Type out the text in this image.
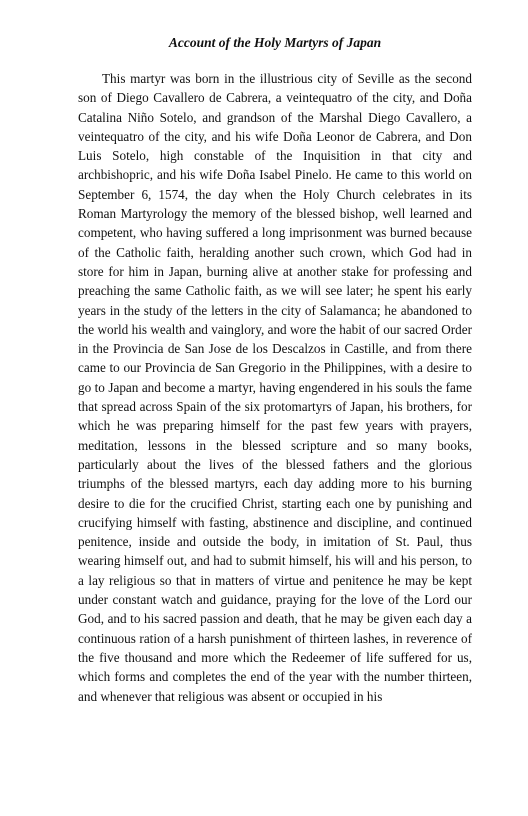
Account of the Holy Martyrs of Japan

This martyr was born in the illustrious city of Seville as the second son of Diego Cavallero de Cabrera, a veintequatro of the city, and Doña Catalina Niño Sotelo, and grandson of the Marshal Diego Cavallero, a veintequatro of the city, and his wife Doña Leonor de Cabrera, and Don Luis Sotelo, high constable of the Inquisition in that city and archbishopric, and his wife Doña Isabel Pinelo. He came to this world on September 6, 1574, the day when the Holy Church celebrates in its Roman Martyrology the memory of the blessed bishop, well learned and competent, who having suffered a long imprisonment was burned because of the Catholic faith, heralding another such crown, which God had in store for him in Japan, burning alive at another stake for professing and preaching the same Catholic faith, as we will see later; he spent his early years in the study of the letters in the city of Salamanca; he abandoned to the world his wealth and vainglory, and wore the habit of our sacred Order in the Provincia de San Jose de los Descalzos in Castille, and from there came to our Provincia de San Gregorio in the Philippines, with a desire to go to Japan and become a martyr, having engendered in his souls the fame that spread across Spain of the six protomartyrs of Japan, his brothers, for which he was preparing himself for the past few years with prayers, meditation, lessons in the blessed scripture and so many books, particularly about the lives of the blessed fathers and the glorious triumphs of the blessed martyrs, each day adding more to his burning desire to die for the crucified Christ, starting each one by punishing and crucifying himself with fasting, abstinence and discipline, and continued penitence, inside and outside the body, in imitation of St. Paul, thus wearing himself out, and had to submit himself, his will and his person, to a lay religious so that in matters of virtue and penitence he may be kept under constant watch and guidance, praying for the love of the Lord our God, and to his sacred passion and death, that he may be given each day a continuous ration of a harsh punishment of thirteen lashes, in reverence of the five thousand and more which the Redeemer of life suffered for us, which forms and completes the end of the year with the number thirteen, and whenever that religious was absent or occupied in his
